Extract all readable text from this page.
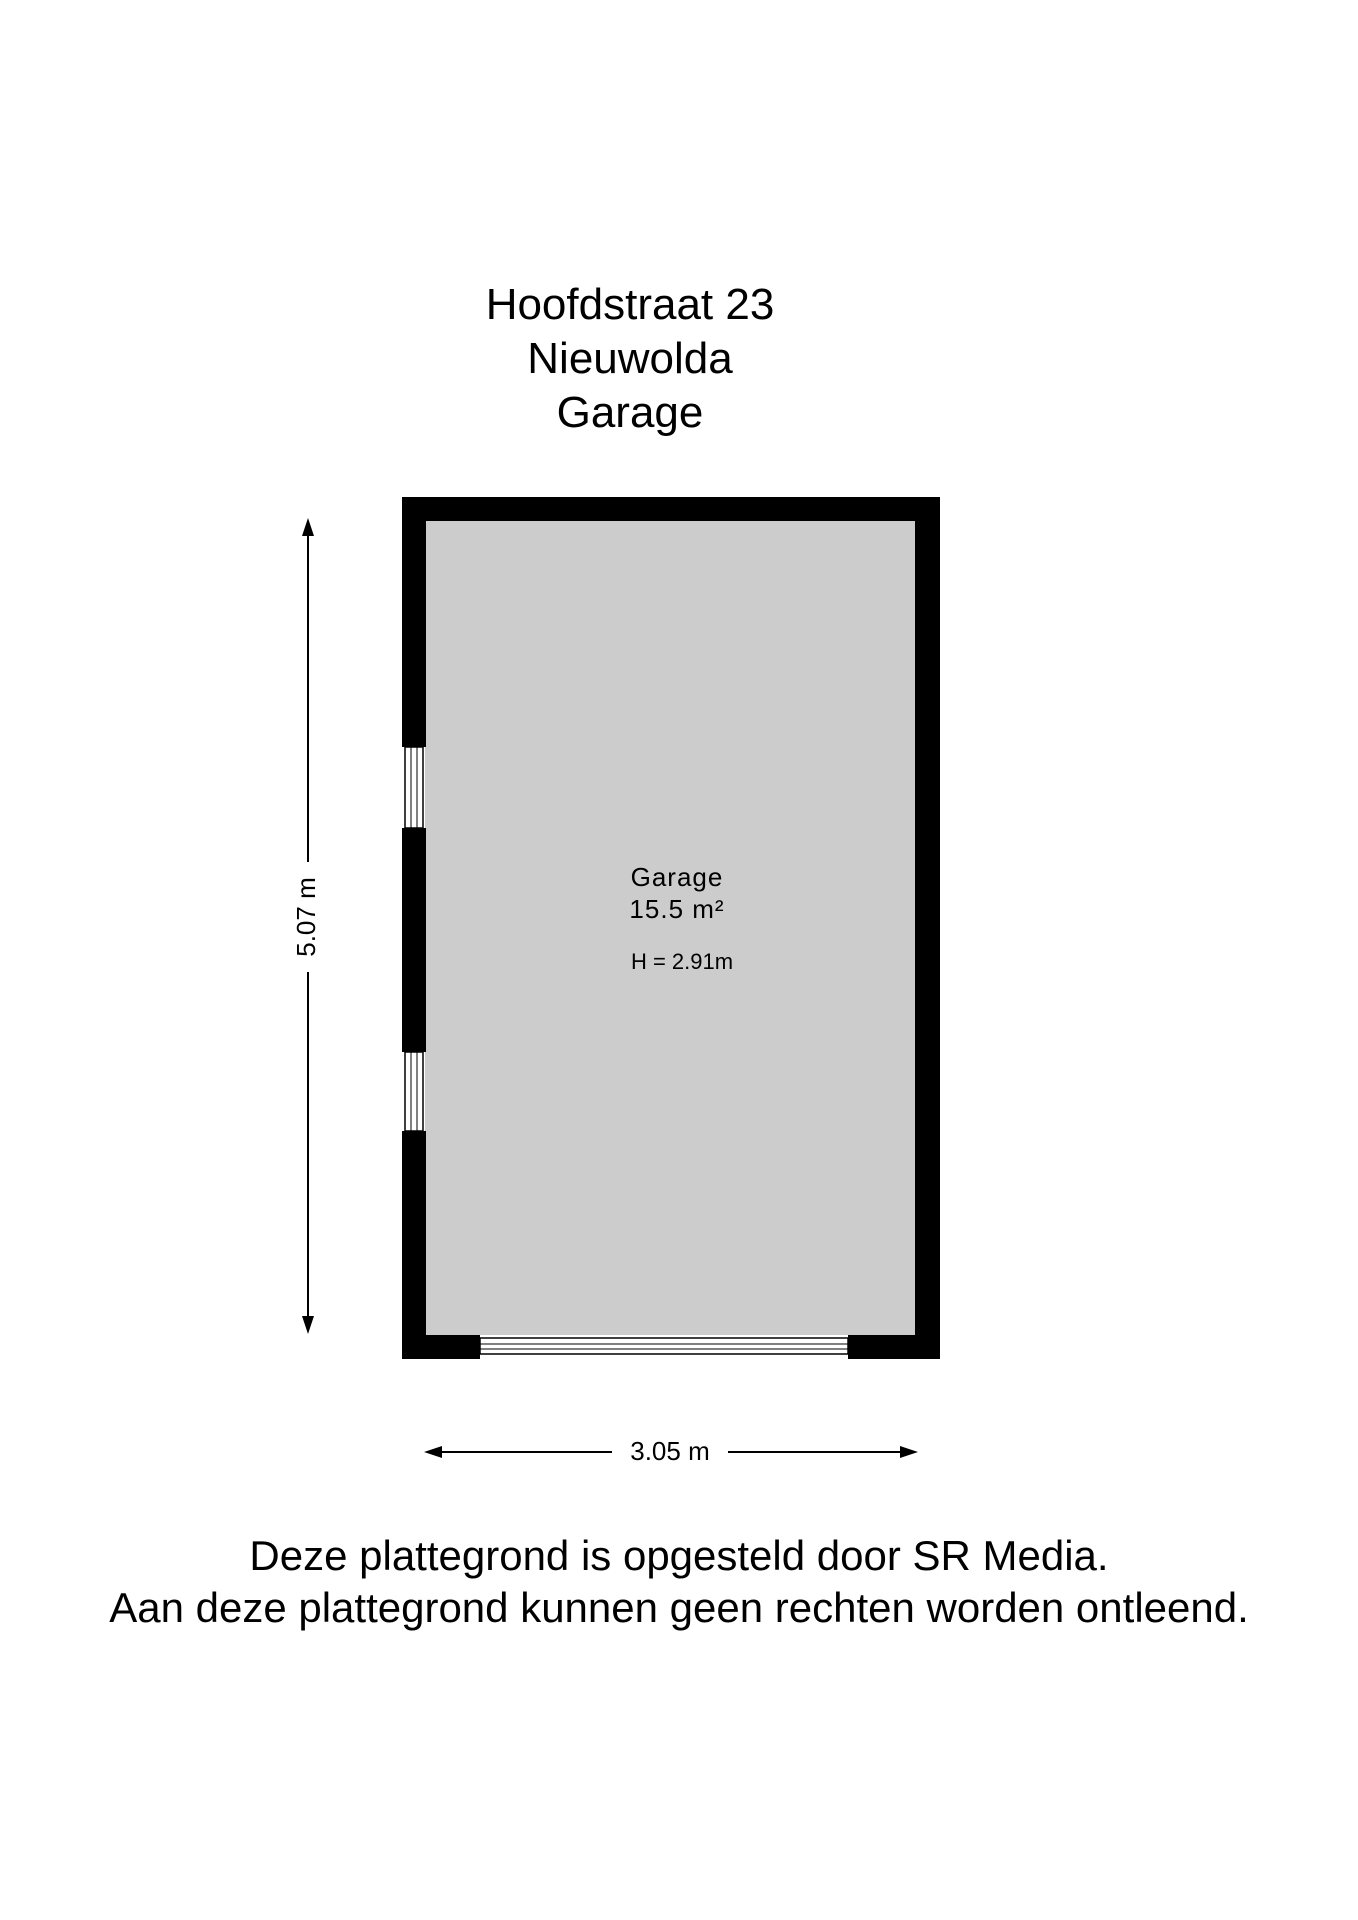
Hoofdstraat 23
Nieuwolda
Garage
5.07 m
3.05 m
Garage
15.5 m²
H = 2.91m
Deze plattegrond is opgesteld door SR Media.
Aan deze plattegrond kunnen geen rechten worden ontleend.
